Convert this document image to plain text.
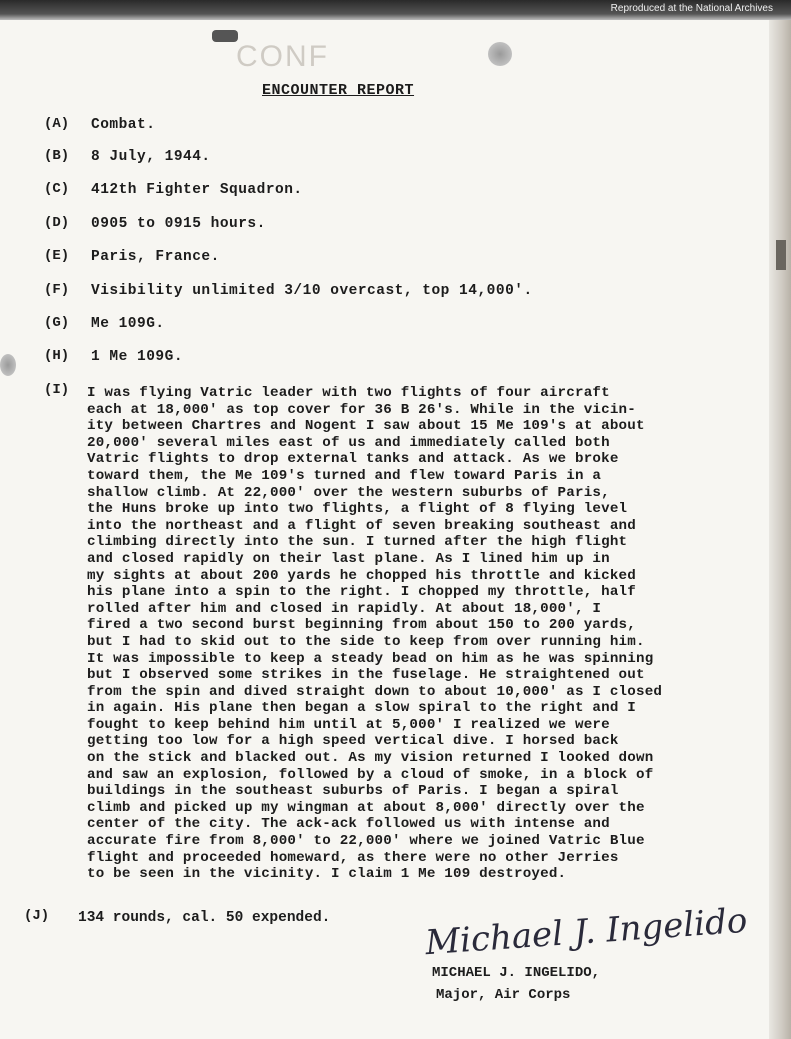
Reproduced at the National Archives
CONF
ENCOUNTER REPORT
(A) Combat.
(B) 8 July, 1944.
(C) 412th Fighter Squadron.
(D) 0905 to 0915 hours.
(E) Paris, France.
(F) Visibility unlimited 3/10 overcast, top 14,000'.
(G) Me 109G.
(H) 1 Me 109G.
(I) I was flying Vatric leader with two flights of four aircraft
each at 18,000' as top cover for 36 B 26's. While in the vicin-
ity between Chartres and Nogent I saw about 15 Me 109's at about
20,000' several miles east of us and immediately called both
Vatric flights to drop external tanks and attack. As we broke
toward them, the Me 109's turned and flew toward Paris in a
shallow climb. At 22,000' over the western suburbs of Paris,
the Huns broke up into two flights, a flight of 8 flying level
into the northeast and a flight of seven breaking southeast and
climbing directly into the sun. I turned after the high flight
and closed rapidly on their last plane. As I lined him up in
my sights at about 200 yards he chopped his throttle and kicked
his plane into a spin to the right. I chopped my throttle, half
rolled after him and closed in rapidly. At about 18,000', I
fired a two second burst beginning from about 150 to 200 yards,
but I had to skid out to the side to keep from over running him.
It was impossible to keep a steady bead on him as he was spinning
but I observed some strikes in the fuselage. He straightened out
from the spin and dived straight down to about 10,000' as I closed
in again. His plane then began a slow spiral to the right and I
fought to keep behind him until at 5,000' I realized we were
getting too low for a high speed vertical dive. I horsed back
on the stick and blacked out. As my vision returned I looked down
and saw an explosion, followed by a cloud of smoke, in a block of
buildings in the southeast suburbs of Paris. I began a spiral
climb and picked up my wingman at about 8,000' directly over the
center of the city. The ack-ack followed us with intense and
accurate fire from 8,000' to 22,000' where we joined Vatric Blue
flight and proceeded homeward, as there were no other Jerries
to be seen in the vicinity. I claim 1 Me 109 destroyed.
(J) 134 rounds, cal. 50 expended.	Michael J. Ingelido
MICHAEL J. INGELIDO,
Major, Air Corps
